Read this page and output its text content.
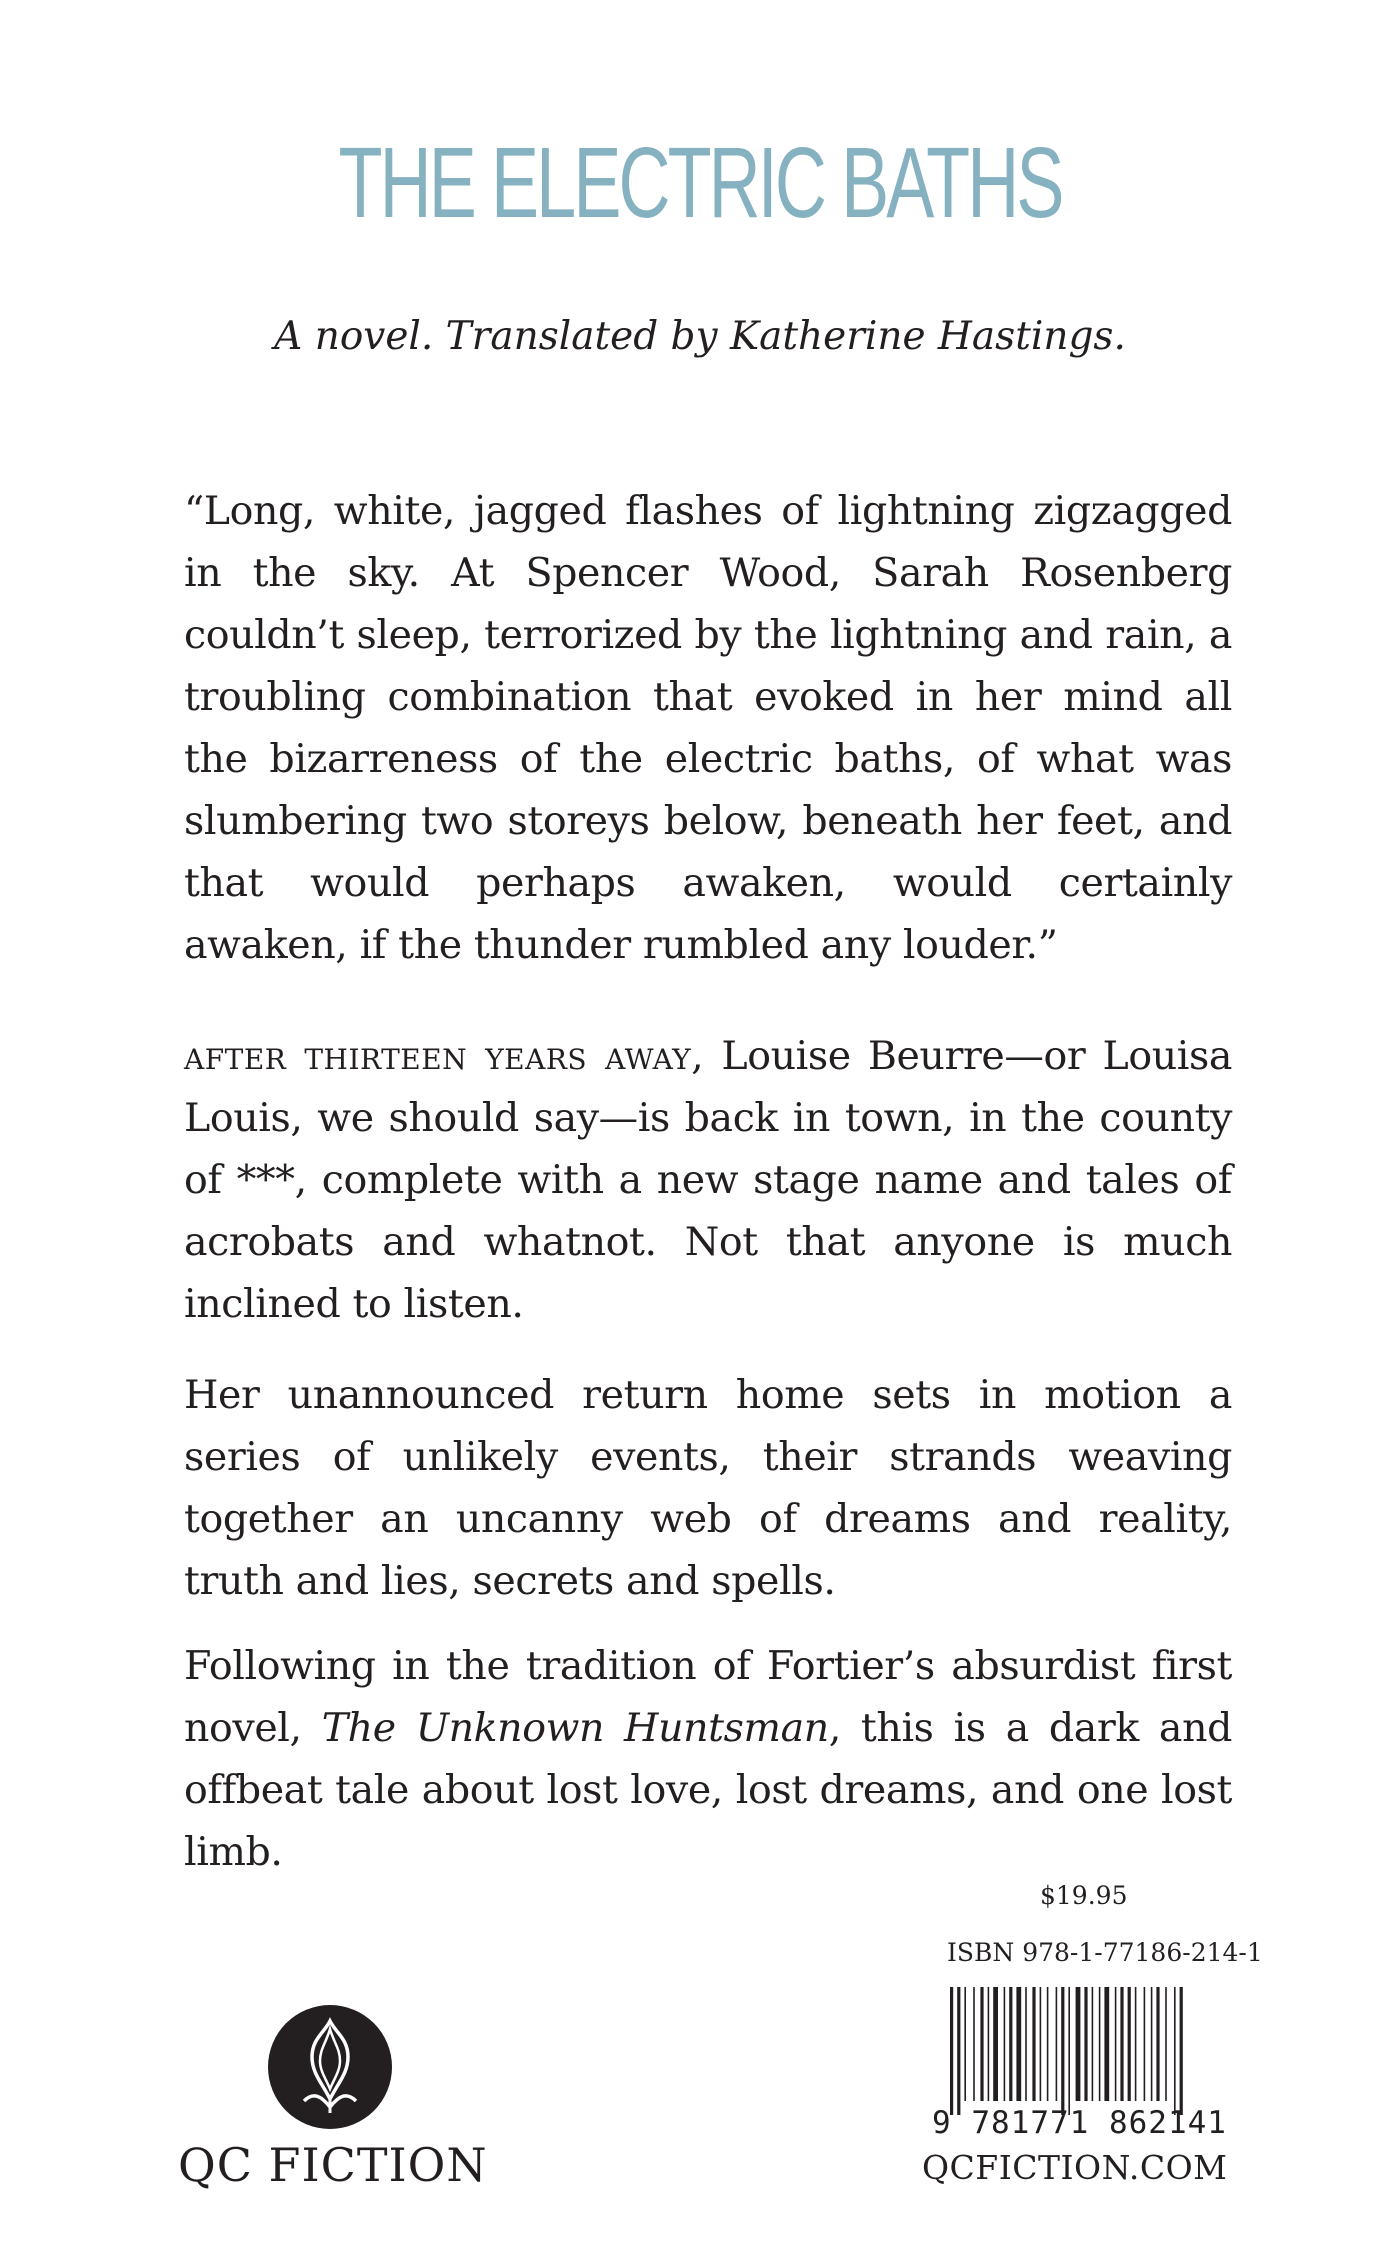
THE ELECTRIC BATHS
A novel. Translated by Katherine Hastings.

“Long, white, jagged flashes of lightning zigzagged in the sky. At Spencer Wood, Sarah Rosenberg couldn’t sleep, terrorized by the lightning and rain, a troubling combination that evoked in her mind all the bizarreness of the electric baths, of what was slumbering two storeys below, beneath her feet, and that would perhaps awaken, would certainly awaken, if the thunder rumbled any louder.”

after thirteen years away, Louise Beurre—or Louisa Louis, we should say—is back in town, in the county of ***, complete with a new stage name and tales of acrobats and whatnot. Not that anyone is much inclined to listen.

Her unannounced return home sets in motion a series of unlikely events, their strands weaving together an uncanny web of dreams and reality, truth and lies, secrets and spells.

Following in the tradition of Fortier’s absurdist first novel, The Unknown Huntsman, this is a dark and offbeat tale about lost love, lost dreams, and one lost limb.

$19.95
ISBN 978-1-77186-214-1
9 781771 862141
QCFICTION.COM
QC FICTION
